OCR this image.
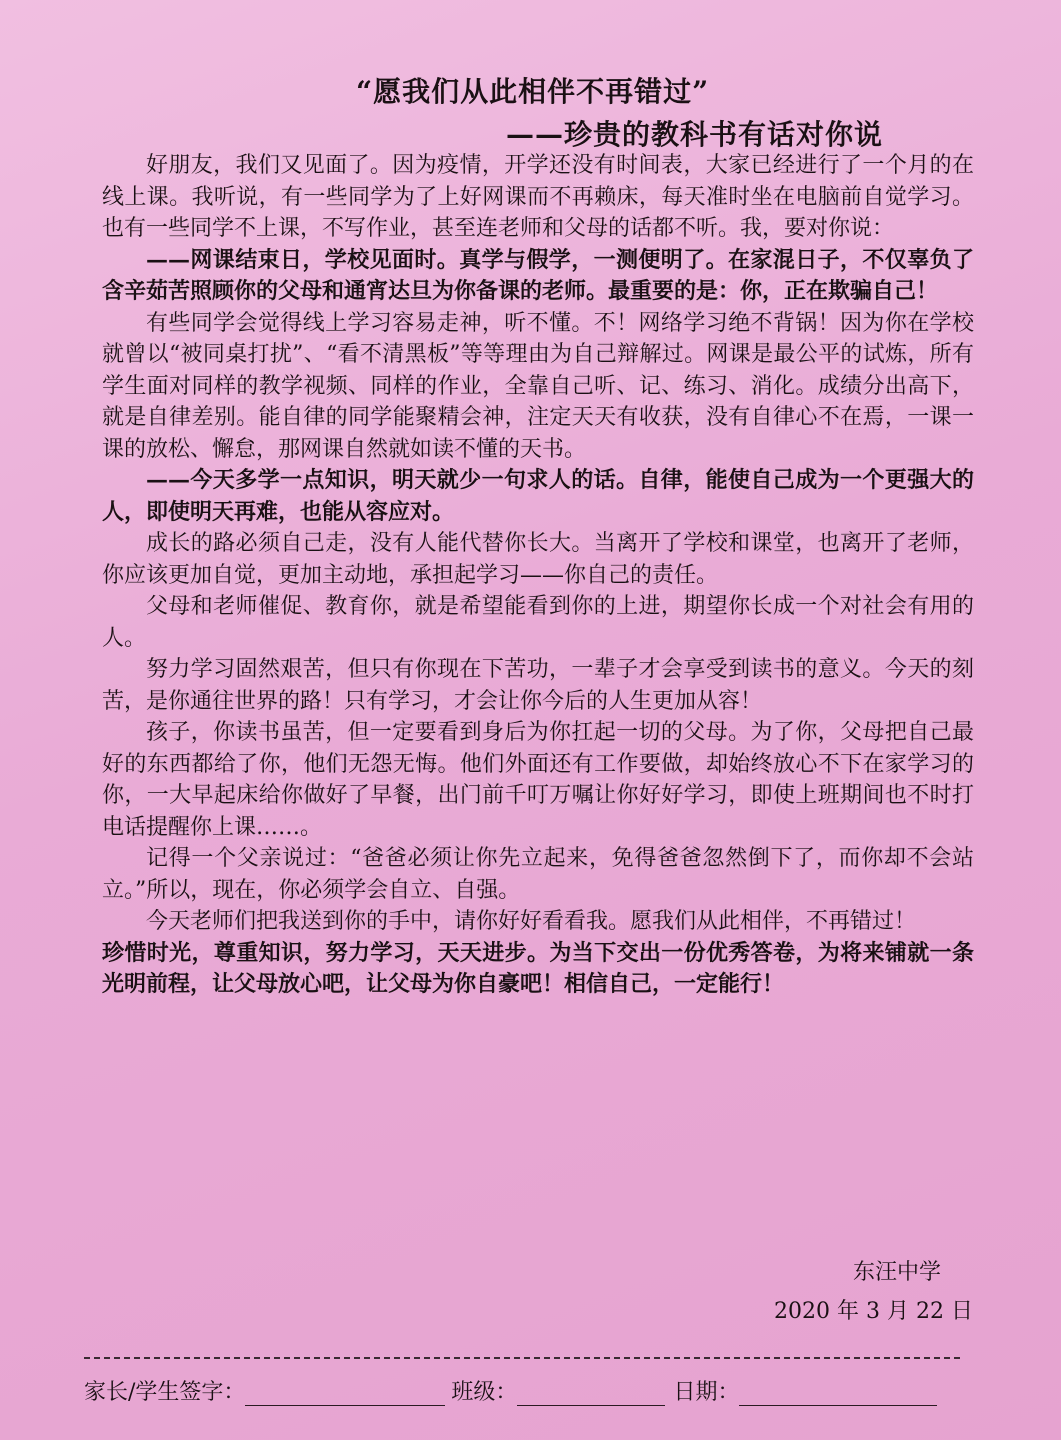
“愿我们从此相伴不再错过”
——珍贵的教科书有话对你说

好朋友，我们又见面了。因为疫情，开学还没有时间表，大家已经进行了一个月的在线上课。我听说，有一些同学为了上好网课而不再赖床，每天准时坐在电脑前自觉学习。也有一些同学不上课，不写作业，甚至连老师和父母的话都不听。我，要对你说：

——网课结束日，学校见面时。真学与假学，一测便明了。在家混日子，不仅辜负了含辛茹苦照顾你的父母和通宵达旦为你备课的老师。最重要的是：你，正在欺骗自己！

有些同学会觉得线上学习容易走神，听不懂。不！网络学习绝不背锅！因为你在学校就曾以“被同桌打扰”、“看不清黑板”等等理由为自己辩解过。网课是最公平的试炼，所有学生面对同样的教学视频、同样的作业，全靠自己听、记、练习、消化。成绩分出高下，就是自律差别。能自律的同学能聚精会神，注定天天有收获，没有自律心不在焉，一课一课的放松、懈怠，那网课自然就如读不懂的天书。

——今天多学一点知识，明天就少一句求人的话。自律，能使自己成为一个更强大的人，即使明天再难，也能从容应对。

成长的路必须自己走，没有人能代替你长大。当离开了学校和课堂，也离开了老师，你应该更加自觉，更加主动地，承担起学习——你自己的责任。

父母和老师催促、教育你，就是希望能看到你的上进，期望你长成一个对社会有用的人。

努力学习固然艰苦，但只有你现在下苦功，一辈子才会享受到读书的意义。今天的刻苦，是你通往世界的路！只有学习，才会让你今后的人生更加从容！

孩子，你读书虽苦，但一定要看到身后为你扛起一切的父母。为了你，父母把自己最好的东西都给了你，他们无怨无悔。他们外面还有工作要做，却始终放心不下在家学习的你，一大早起床给你做好了早餐，出门前千叮万嘱让你好好学习，即使上班期间也不时打电话提醒你上课……。

记得一个父亲说过：“爸爸必须让你先立起来，免得爸爸忽然倒下了，而你却不会站立。”所以，现在，你必须学会自立、自强。

今天老师们把我送到你的手中，请你好好看看我。愿我们从此相伴，不再错过！

珍惜时光，尊重知识，努力学习，天天进步。为当下交出一份优秀答卷，为将来铺就一条光明前程，让父母放心吧，让父母为你自豪吧！相信自己，一定能行！

东汪中学
2020 年 3 月 22 日
家长/学生签字：	班级：	日期：
